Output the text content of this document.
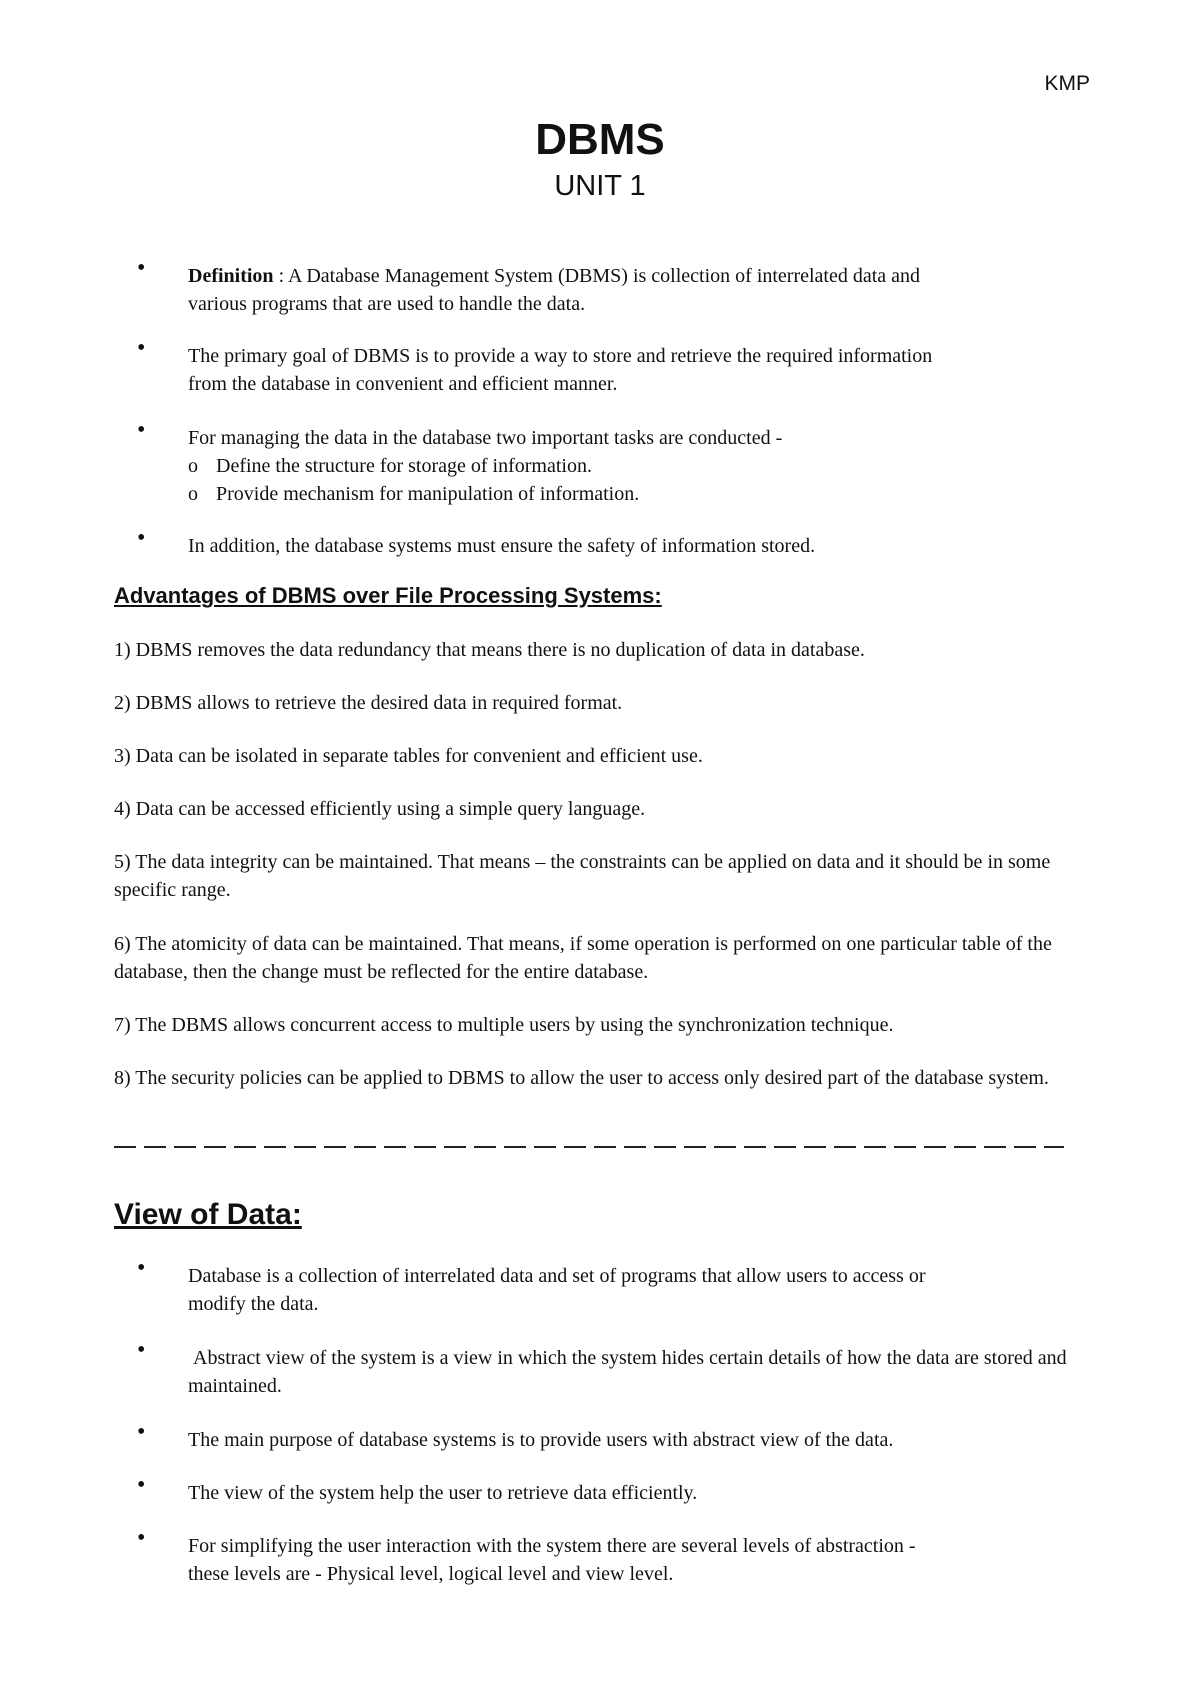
KMP
DBMS
UNIT 1
• Definition : A Database Management System (DBMS) is collection of interrelated data and various programs that are used to handle the data.
• The primary goal of DBMS is to provide a way to store and retrieve the required information from the database in convenient and efficient manner.
• For managing the data in the database two important tasks are conducted -
o Define the structure for storage of information.
o Provide mechanism for manipulation of information.
• In addition, the database systems must ensure the safety of information stored.
Advantages of DBMS over File Processing Systems:
1) DBMS removes the data redundancy that means there is no duplication of data in database.
2) DBMS allows to retrieve the desired data in required format.
3) Data can be isolated in separate tables for convenient and efficient use.
4) Data can be accessed efficiently using a simple query language.
5) The data integrity can be maintained. That means – the constraints can be applied on data and it should be in some specific range.
6) The atomicity of data can be maintained. That means, if some operation is performed on one particular table of the database, then the change must be reflected for the entire database.
7) The DBMS allows concurrent access to multiple users by using the synchronization technique.
8) The security policies can be applied to DBMS to allow the user to access only desired part of the database system.
View of Data:
• Database is a collection of interrelated data and set of programs that allow users to access or modify the data.
• Abstract view of the system is a view in which the system hides certain details of how the data are stored and maintained.
• The main purpose of database systems is to provide users with abstract view of the data.
• The view of the system help the user to retrieve data efficiently.
• For simplifying the user interaction with the system there are several levels of abstraction - these levels are - Physical level, logical level and view level.
